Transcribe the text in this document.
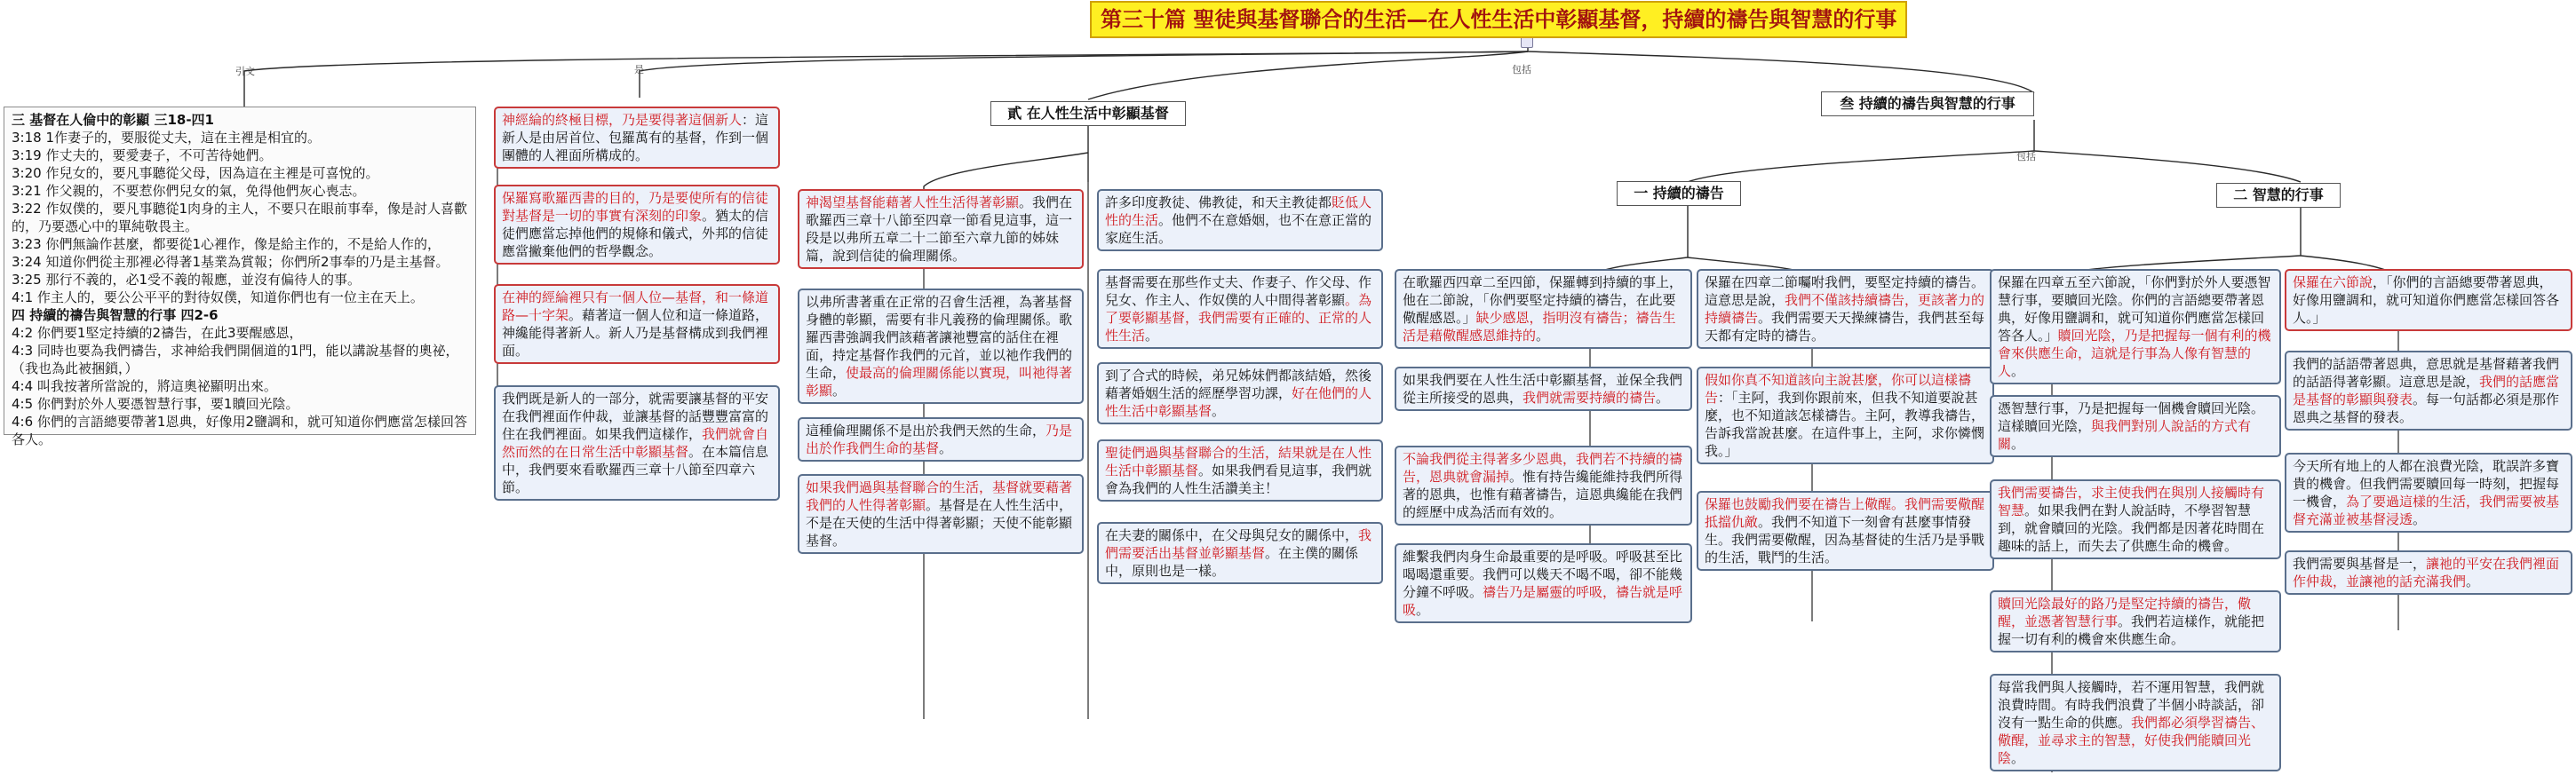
引文	是	包括
包括
第三十篇 聖徒與基督聯合的生活—在人性生活中彰顯基督，持續的禱告與智慧的行事
貳 在人性生活中彰顯基督
叁 持續的禱告與智慧的行事
一 持續的禱告	二 智慧的行事
三 基督在人倫中的彰顯 三18-四1
3:18 1作妻子的，要服從丈夫，這在主裡是相宜的。
3:19 作丈夫的，要愛妻子，不可苦待她們。
3:20 作兒女的，要凡事聽從父母，因為這在主裡是可喜悅的。
3:21 作父親的，不要惹你們兒女的氣，免得他們灰心喪志。
3:22 作奴僕的，要凡事聽從1肉身的主人，不要只在眼前事奉，像是討人喜歡的，乃要憑心中的單純敬畏主。
3:23 你們無論作甚麼，都要從1心裡作，像是給主作的，不是給人作的，
3:24 知道你們從主那裡必得著1基業為賞報；你們所2事奉的乃是主基督。
3:25 那行不義的，必1受不義的報應，並沒有偏待人的事。
4:1 作主人的，要公公平平的對待奴僕，知道你們也有一位主在天上。
四 持續的禱告與智慧的行事 四2-6
4:2 你們要1堅定持續的2禱告，在此3要醒感恩，
4:3 同時也要為我們禱告，求神給我們開個道的1門，能以講說基督的奧祕，（我也為此被捆鎖，）
4:4 叫我按著所當說的，將這奧祕顯明出來。
4:5 你們對於外人要憑智慧行事，要1贖回光陰。
4:6 你們的言語總要帶著1恩典，好像用2鹽調和，就可知道你們應當怎樣回答各人。
神經綸的終極目標，乃是要得著這個新人：這新人是由居首位、包羅萬有的基督，作到一個團體的人裡面所構成的。
保羅寫歌羅西書的目的，乃是要使所有的信徒對基督是一切的事實有深刻的印象。猶太的信徒們應當忘掉他們的規條和儀式，外邦的信徒應當撇棄他們的哲學觀念。
在神的經綸裡只有一個人位—基督，和一條道路—十字架。藉著這一個人位和這一條道路，神纔能得著新人。新人乃是基督構成到我們裡面。
我們既是新人的一部分，就需要讓基督的平安在我們裡面作仲裁，並讓基督的話豐豐富富的住在我們裡面。如果我們這樣作，我們就會自然而然的在日常生活中彰顯基督。在本篇信息中，我們要來看歌羅西三章十八節至四章六節。
神渴望基督能藉著人性生活得著彰顯。我們在歌羅西三章十八節至四章一節看見這事，這一段是以弗所五章二十二節至六章九節的姊妹篇，說到信徒的倫理關係。
以弗所書著重在正常的召會生活裡，為著基督身體的彰顯，需要有非凡義務的倫理關係。歌羅西書強調我們該藉著讓祂豐富的話住在裡面，持定基督作我們的元首，並以祂作我們的生命，使最高的倫理關係能以實現，叫祂得著彰顯。
這種倫理關係不是出於我們天然的生命，乃是出於作我們生命的基督。
如果我們過與基督聯合的生活，基督就要藉著我們的人性得著彰顯。基督是在人性生活中，不是在天使的生活中得著彰顯；天使不能彰顯基督。
許多印度教徒、佛教徒，和天主教徒都貶低人性的生活。他們不在意婚姻，也不在意正當的家庭生活。
基督需要在那些作丈夫、作妻子、作父母、作兒女、作主人、作奴僕的人中間得著彰顯。為了要彰顯基督，我們需要有正確的、正常的人性生活。
到了合式的時候，弟兄姊妹們都該結婚，然後藉著婚姻生活的經歷學習功課，好在他們的人性生活中彰顯基督。
聖徒們過與基督聯合的生活，結果就是在人性生活中彰顯基督。如果我們看見這事，我們就會為我們的人性生活讚美主！
在夫妻的關係中，在父母與兒女的關係中，我們需要活出基督並彰顯基督。在主僕的關係中，原則也是一樣。
在歌羅西四章二至四節，保羅轉到持續的事上，他在二節說，「你們要堅定持續的禱告，在此要儆醒感恩。」缺少感恩，指明沒有禱告；禱告生活是藉儆醒感恩維持的。
如果我們要在人性生活中彰顯基督，並保全我們從主所接受的恩典，我們就需要持續的禱告。
不論我們從主得著多少恩典，我們若不持續的禱告，恩典就會漏掉。惟有持告纔能維持我們所得著的恩典，也惟有藉著禱告，這恩典纔能在我們的經歷中成為活而有效的。
維繫我們肉身生命最重要的是呼吸。呼吸甚至比喝喝還重要。我們可以幾天不喝不喝，卻不能幾分鐘不呼吸。禱告乃是屬靈的呼吸，禱告就是呼吸。
保羅在四章二節囑咐我們，要堅定持續的禱告。這意思是說，我們不僅該持續禱告，更該著力的持續禱告。我們需要天天操練禱告，我們甚至每天都有定時的禱告。
假如你真不知道該向主說甚麼，你可以這樣禱告：「主阿，我到你跟前來，但我不知道要說甚麼，也不知道該怎樣禱告。主阿，教導我禱告，告訴我當說甚麼。在這件事上，主阿，求你憐憫我。」
保羅也鼓勵我們要在禱告上儆醒。我們需要儆醒抵擋仇敵。我們不知道下一刻會有甚麼事情發生。我們需要儆醒，因為基督徒的生活乃是爭戰的生活，戰鬥的生活。
保羅在四章五至六節說，「你們對於外人要憑智慧行事，要贖回光陰。你們的言語總要帶著恩典，好像用鹽調和，就可知道你們應當怎樣回答各人。」贖回光陰，乃是把握每一個有利的機會來供應生命，這就是行事為人像有智慧的人。
憑智慧行事，乃是把握每一個機會贖回光陰。這樣贖回光陰，與我們對別人說話的方式有關。
我們需要禱告，求主使我們在與別人接觸時有智慧。如果我們在對人說話時，不學習智慧到，就會贖回的光陰。我們都是因著花時間在趣味的話上，而失去了供應生命的機會。
贖回光陰最好的路乃是堅定持續的禱告，儆醒，並憑著智慧行事。我們若這樣作，就能把握一切有利的機會來供應生命。
每當我們與人接觸時，若不運用智慧，我們就浪費時間。有時我們浪費了半個小時談話，卻沒有一點生命的供應。我們都必須學習禱告、儆醒，並尋求主的智慧，好使我們能贖回光陰。
保羅在六節說，「你們的言語總要帶著恩典，好像用鹽調和，就可知道你們應當怎樣回答各人。」
我們的話語帶著恩典，意思就是基督藉著我們的話語得著彰顯。這意思是說，我們的話應當是基督的彰顯與發表。每一句話都必須是那作恩典之基督的發表。
今天所有地上的人都在浪費光陰，耽誤許多寶貴的機會。但我們需要贖回每一時刻，把握每一機會，為了要過這樣的生活，我們需要被基督充滿並被基督浸透。
我們需要與基督是一，讓祂的平安在我們裡面作仲裁，並讓祂的話充滿我們。
